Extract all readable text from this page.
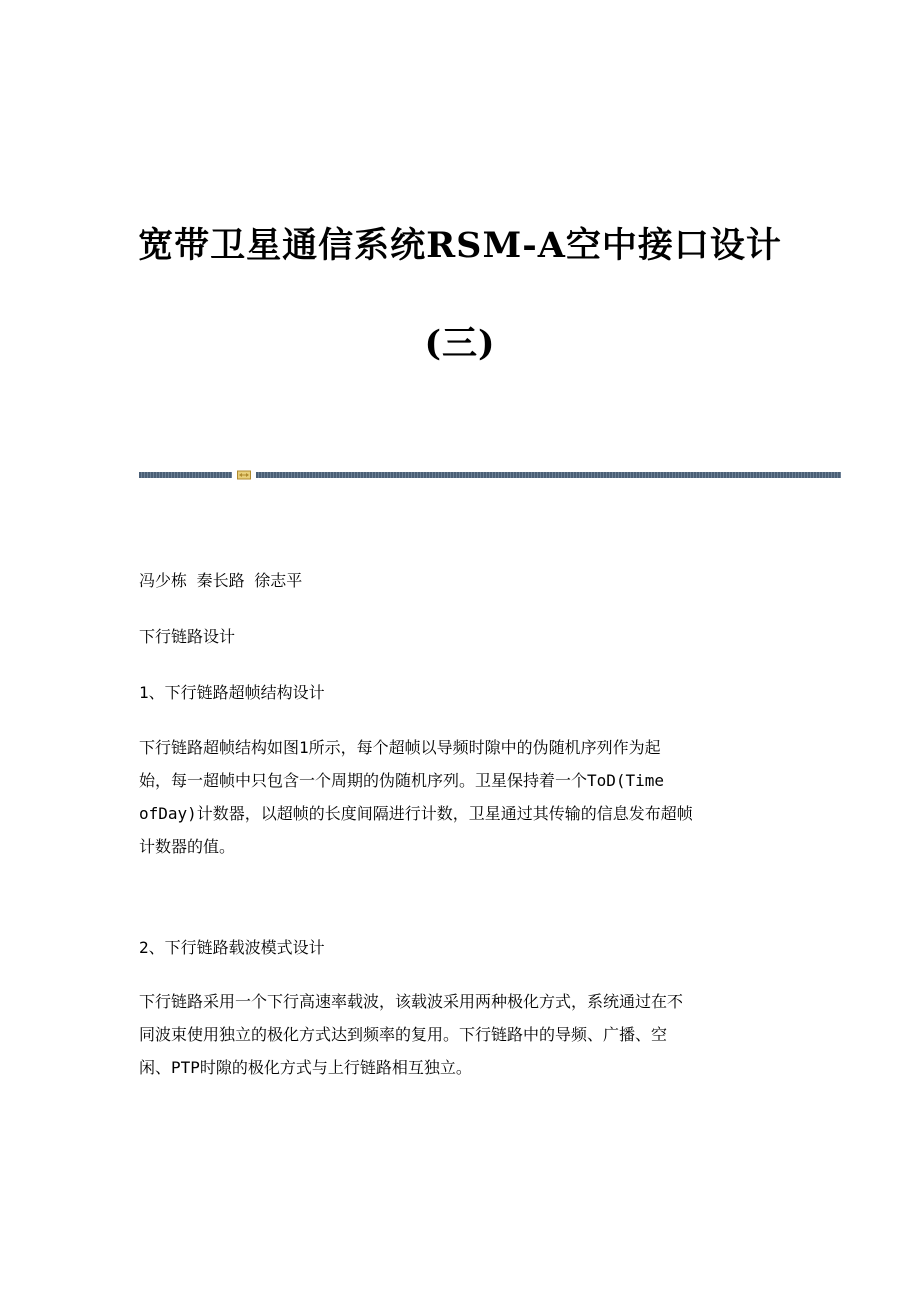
宽带卫星通信系统RSM-A空中接口设计
(三)
冯少栋 秦长路 徐志平
下行链路设计
1、下行链路超帧结构设计
下行链路超帧结构如图1所示，每个超帧以导频时隙中的伪随机序列作为起
始，每一超帧中只包含一个周期的伪随机序列。卫星保持着一个ToD(Time
ofDay)计数器，以超帧的长度间隔进行计数，卫星通过其传输的信息发布超帧
计数器的值。
2、下行链路载波模式设计
下行链路采用一个下行高速率载波，该载波采用两种极化方式，系统通过在不
同波束使用独立的极化方式达到频率的复用。下行链路中的导频、广播、空
闲、PTP时隙的极化方式与上行链路相互独立。
